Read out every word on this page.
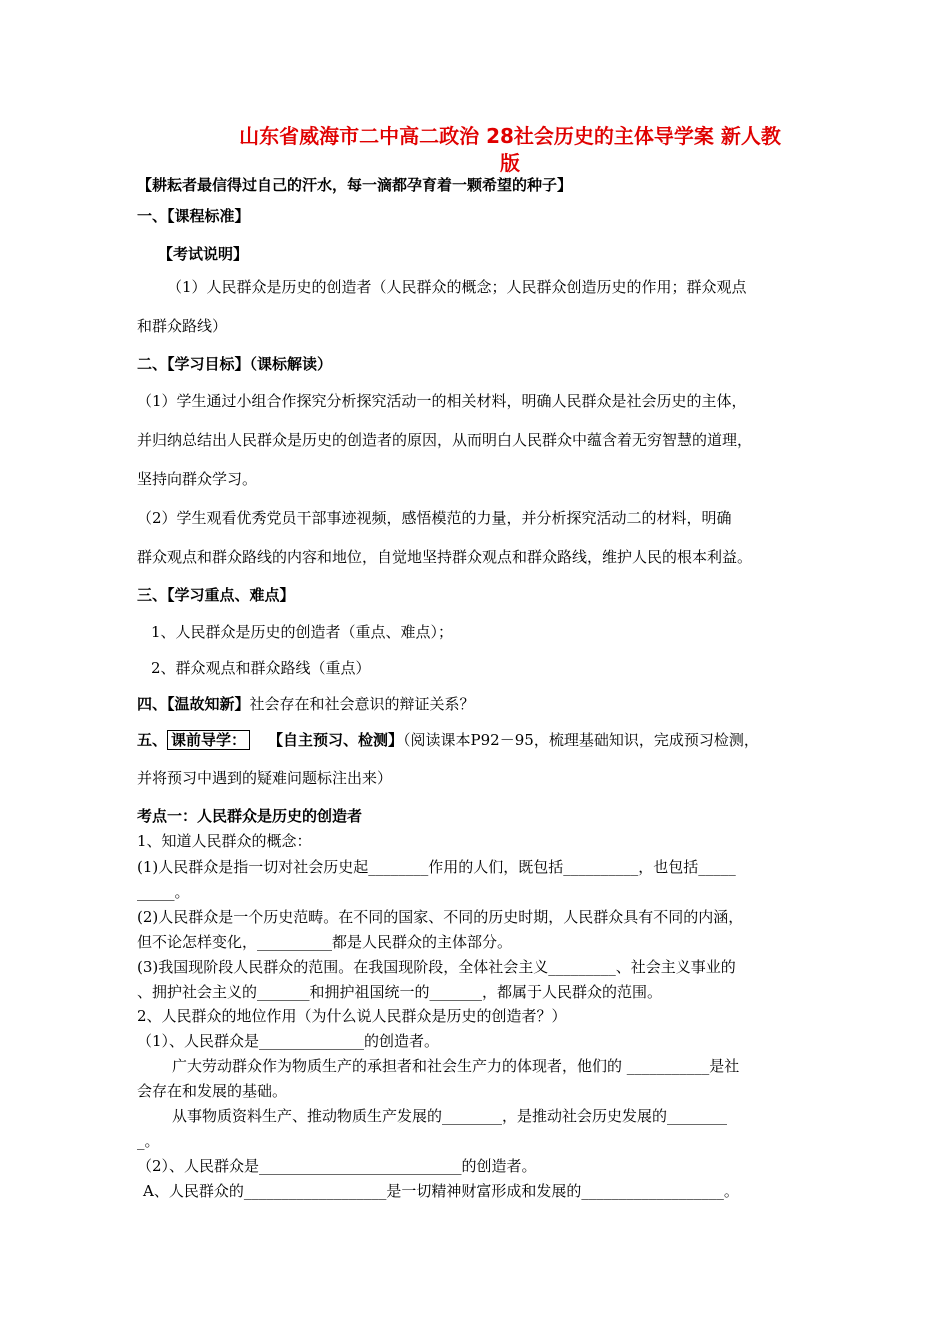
山东省威海市二中高二政治 28社会历史的主体导学案 新人教
版
【耕耘者最信得过自己的汗水，每一滴都孕育着一颗希望的种子】
一、【课程标准】
【考试说明】
（1）人民群众是历史的创造者（人民群众的概念；人民群众创造历史的作用；群众观点
和群众路线）
二、【学习目标】（课标解读）
（1）学生通过小组合作探究分析探究活动一的相关材料，明确人民群众是社会历史的主体，
并归纳总结出人民群众是历史的创造者的原因，从而明白人民群众中蕴含着无穷智慧的道理，
坚持向群众学习。
（2）学生观看优秀党员干部事迹视频，感悟模范的力量，并分析探究活动二的材料，明确
群众观点和群众路线的内容和地位，自觉地坚持群众观点和群众路线，维护人民的根本利益。
三、【学习重点、难点】
1、人民群众是历史的创造者（重点、难点）；
2、群众观点和群众路线（重点）
四、【温故知新】社会存在和社会意识的辩证关系？
五、 课前导学： 【自主预习、检测】（阅读课本P92－95，梳理基础知识，完成预习检测，
并将预习中遇到的疑难问题标注出来）
考点一：人民群众是历史的创造者
1、知道人民群众的概念：
(1)人民群众是指一切对社会历史起________作用的人们，既包括__________，也包括_____
_____。
(2)人民群众是一个历史范畴。在不同的国家、不同的历史时期，人民群众具有不同的内涵，
但不论怎样变化，__________都是人民群众的主体部分。
(3)我国现阶段人民群众的范围。在我国现阶段，全体社会主义_________、社会主义事业的
、拥护社会主义的_______和拥护祖国统一的_______，都属于人民群众的范围。
2、人民群众的地位作用（为什么说人民群众是历史的创造者？）
（1）、人民群众是______________的创造者。
广大劳动群众作为物质生产的承担者和社会生产力的体现者，他们的 ___________是社
会存在和发展的基础。
从事物质资料生产、推动物质生产发展的________，是推动社会历史发展的________
_。
（2）、人民群众是___________________________的创造者。
A、人民群众的___________________是一切精神财富形成和发展的___________________。
